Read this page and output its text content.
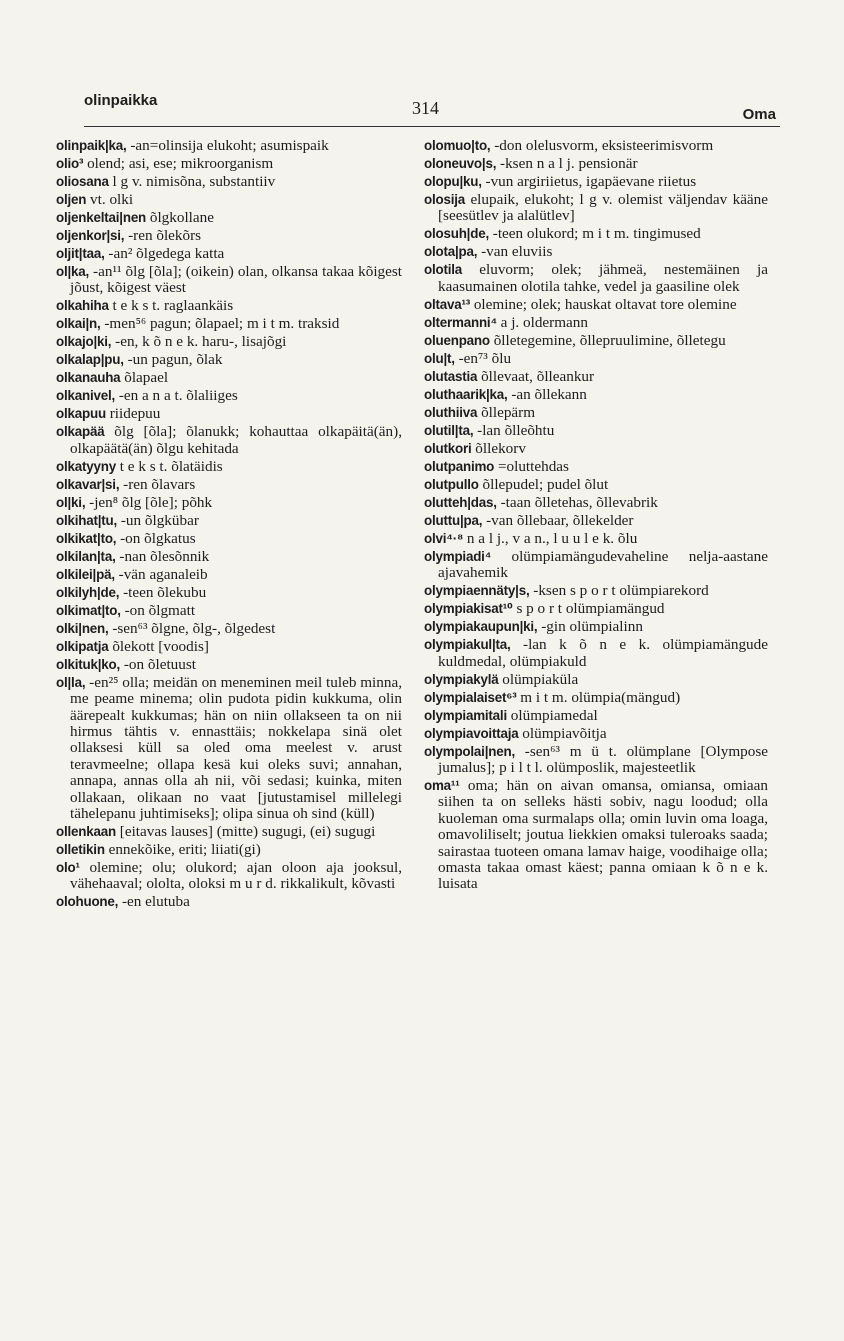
olinpaikka	314	Oma
olinpaik|ka, -an=olinsija elukoht; asumispaik
olio³ olend; asi, ese; mikroorganism
oliosana l g v. nimisõna, substantiiv
oljen vt. olki
oljenkeltai|nen õlgkollane
oljenkor|si, -ren õlekõrs
oljit|taa, -an² õlgedega katta
ol|ka, -an¹¹ õlg [õla]; (oikein) olan, olkansa takaa kõigest jõust, kõigest väest
olkahiha t e k s t. raglaankäis
olkai|n, -men⁵⁶ pagun; õlapael; m i t m. traksid
olkajo|ki, -en, k õ n e k. haru-, lisajõgi
olkalap|pu, -un pagun, õlak
olkanauha õlapael
olkanivel, -en a n a t. õlaliiges
olkapuu riidepuu
olkapää õlg [õla]; õlanukk; kohauttaa olkapäitä(än), olkapäätä(än) õlgu kehitada
olkatyyny t e k s t. õlatäidis
olkavar|si, -ren õlavars
ol|ki, -jen⁸ õlg [õle]; põhk
olkihat|tu, -un õlgkübar
olkikat|to, -on õlgkatus
olkilan|ta, -nan õlesõnnik
olkilei|pä, -vän aganaleib
olkilyh|de, -teen õlekubu
olkimat|to, -on õlgmatt
olki|nen, -sen⁶³ õlgne, õlg-, õlgedest
olkipatja õlekott [voodis]
olkituk|ko, -on õletuust
ol|la, -en²⁵ olla; meidän on meneminen meil tuleb minna, me peame minema; olin pudota pidin kukkuma, olin äärepealt kukkumas; hän on niin ollakseen ta on nii hirmus tähtis v. ennasttäis; nokkelapa sinä olet ollaksesi küll sa oled oma meelest v. arust teravmeelne; ollapa kesä kui oleks suvi; annahan, annapa, annas olla ah nii, või sedasi; kuinka, miten ollakaan, olikaan no vaat [jutustamisel millelegi tähelepanu juhtimiseks]; olipa sinua oh sind (küll)
ollenkaan [eitavas lauses] (mitte) sugugi, (ei) sugugi
olletikin ennekõike, eriti; liiati(gi)
olo¹ olemine; olu; olukord; ajan oloon aja jooksul, vähehaaval; ololta, oloksi m u r d. rikkalikult, kõvasti
olohuone, -en elutuba
olomuo|to, -don olelusvorm, eksisteerimisvorm
oloneuvo|s, -ksen n a l j. pensionär
olopu|ku, -vun argiriietus, igapäevane riietus
olosija elupaik, elukoht; l g v. olemist väljendav kääne [seesütlev ja alalütlev]
olosuh|de, -teen olukord; m i t m. tingimused
olota|pa, -van eluviis
olotila eluvorm; olek; jähmeä, nestemäinen ja kaasumainen olotila tahke, vedel ja gaasiline olek
oltava¹³ olemine; olek; hauskat oltavat tore olemine
oltermanni⁴ a j. oldermann
oluenpano õlletegemine, õllepruulimine, õlletegu
olu|t, -en⁷³ õlu
olutastia õllevaat, õlleankur
oluthaarik|ka, -an õllekann
oluthiiva õllepärm
olutil|ta, -lan õlleõhtu
olutkori õllekorv
olutpanimo =oluttehdas
olutpullo õllepudel; pudel õlut
olutteh|das, -taan õlletehas, õllevabrik
oluttu|pa, -van õllebaar, õllekelder
olvi⁴·⁸ n a l j., v a n., l u u l e k. õlu
olympiadi⁴ olümpiamängudevaheline nelja-aastane ajavahemik
olympiaennäty|s, -ksen s p o r t olümpiarekord
olympiakisat¹⁰ s p o r t olümpiamängud
olympiakaupun|ki, -gin olümpialinn
olympiakul|ta, -lan k õ n e k. olümpiamängude kuldmedal, olümpiakuld
olympiakylä olümpiaküla
olympialaiset⁶³ m i t m. olümpia(mängud)
olympiamitali olümpiamedal
olympiavoittaja olümpiavõitja
olympolai|nen, -sen⁶³ m ü t. olümplane [Olympose jumalus]; p i l t l. olümposlik, majesteetlik
oma¹¹ oma; hän on aivan omansa, omiansa, omiaan siihen ta on selleks hästi sobiv, nagu loodud; olla kuoleman oma surmalaps olla; omin luvin oma loaga, omavoliliselt; joutua liekkien omaksi tuleroaks saada; sairastaa tuoteen omana lamav haige, voodihaige olla; omasta takaa omast käest; panna omiaan k õ n e k. luisata
